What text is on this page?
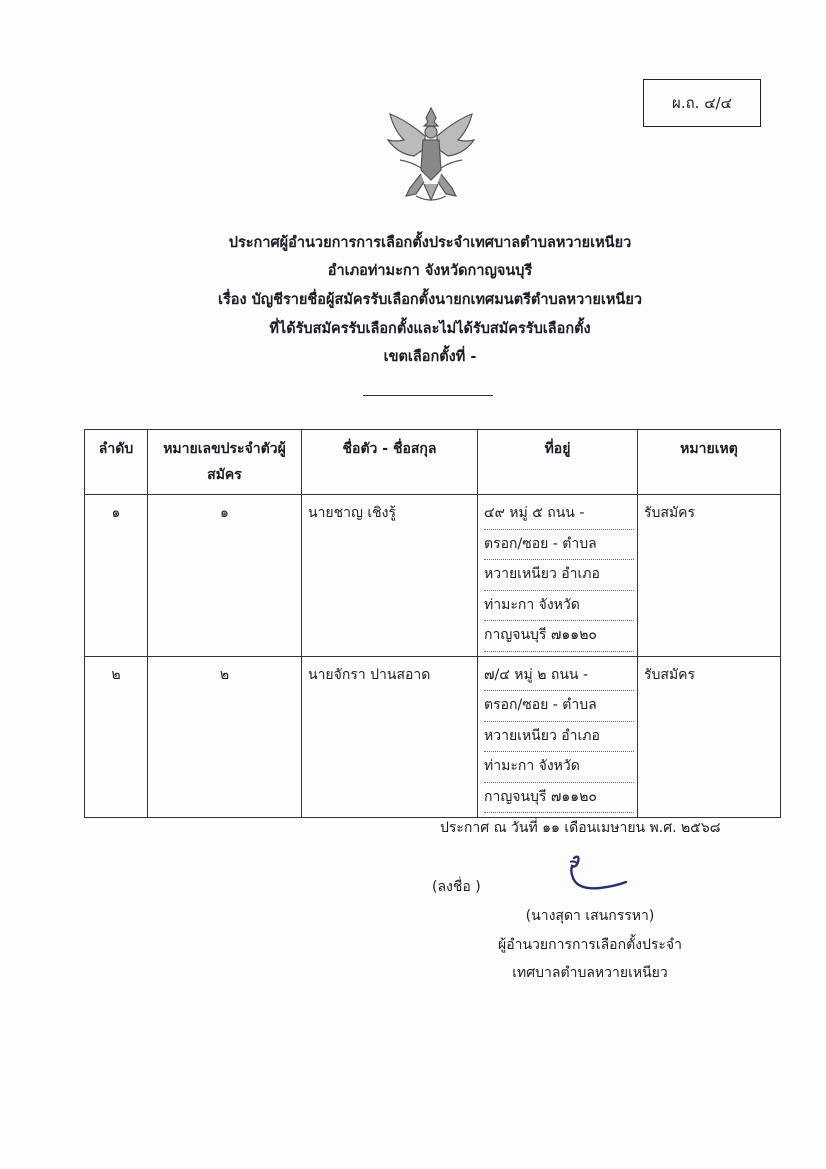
ผ.ถ. ๔/๔
ประกาศผู้อำนวยการการเลือกตั้งประจำเทศบาลตำบลหวายเหนียว
อำเภอท่ามะกา จังหวัดกาญจนบุรี
เรื่อง บัญชีรายชื่อผู้สมัครรับเลือกตั้งนายกเทศมนตรีตำบลหวายเหนียว
ที่ได้รับสมัครรับเลือกตั้งและไม่ได้รับสมัครรับเลือกตั้ง
เขตเลือกตั้งที่ -
ลำดับ	หมายเลขประจำตัวผู้สมัคร	ชื่อตัว - ชื่อสกุล	ที่อยู่	หมายเหตุ
๑	๑	นายชาญ เชิงรู้	๔๙ หมู่ ๕ ถนน -
ตรอก/ซอย - ตำบล
หวายเหนียว อำเภอ
ท่ามะกา จังหวัด
กาญจนบุรี ๗๑๑๒๐	รับสมัคร
๒	๒	นายจักรา ปานสอาด	๗/๔ หมู่ ๒ ถนน -
ตรอก/ซอย - ตำบล
หวายเหนียว อำเภอ
ท่ามะกา จังหวัด
กาญจนบุรี ๗๑๑๒๐	รับสมัคร
ประกาศ ณ วันที่ ๑๑ เดือนเมษายน พ.ศ. ๒๕๖๘
(ลงชื่อ )
(นางสุดา เสนกรรหา)
ผู้อำนวยการการเลือกตั้งประจำ
เทศบาลตำบลหวายเหนียว
